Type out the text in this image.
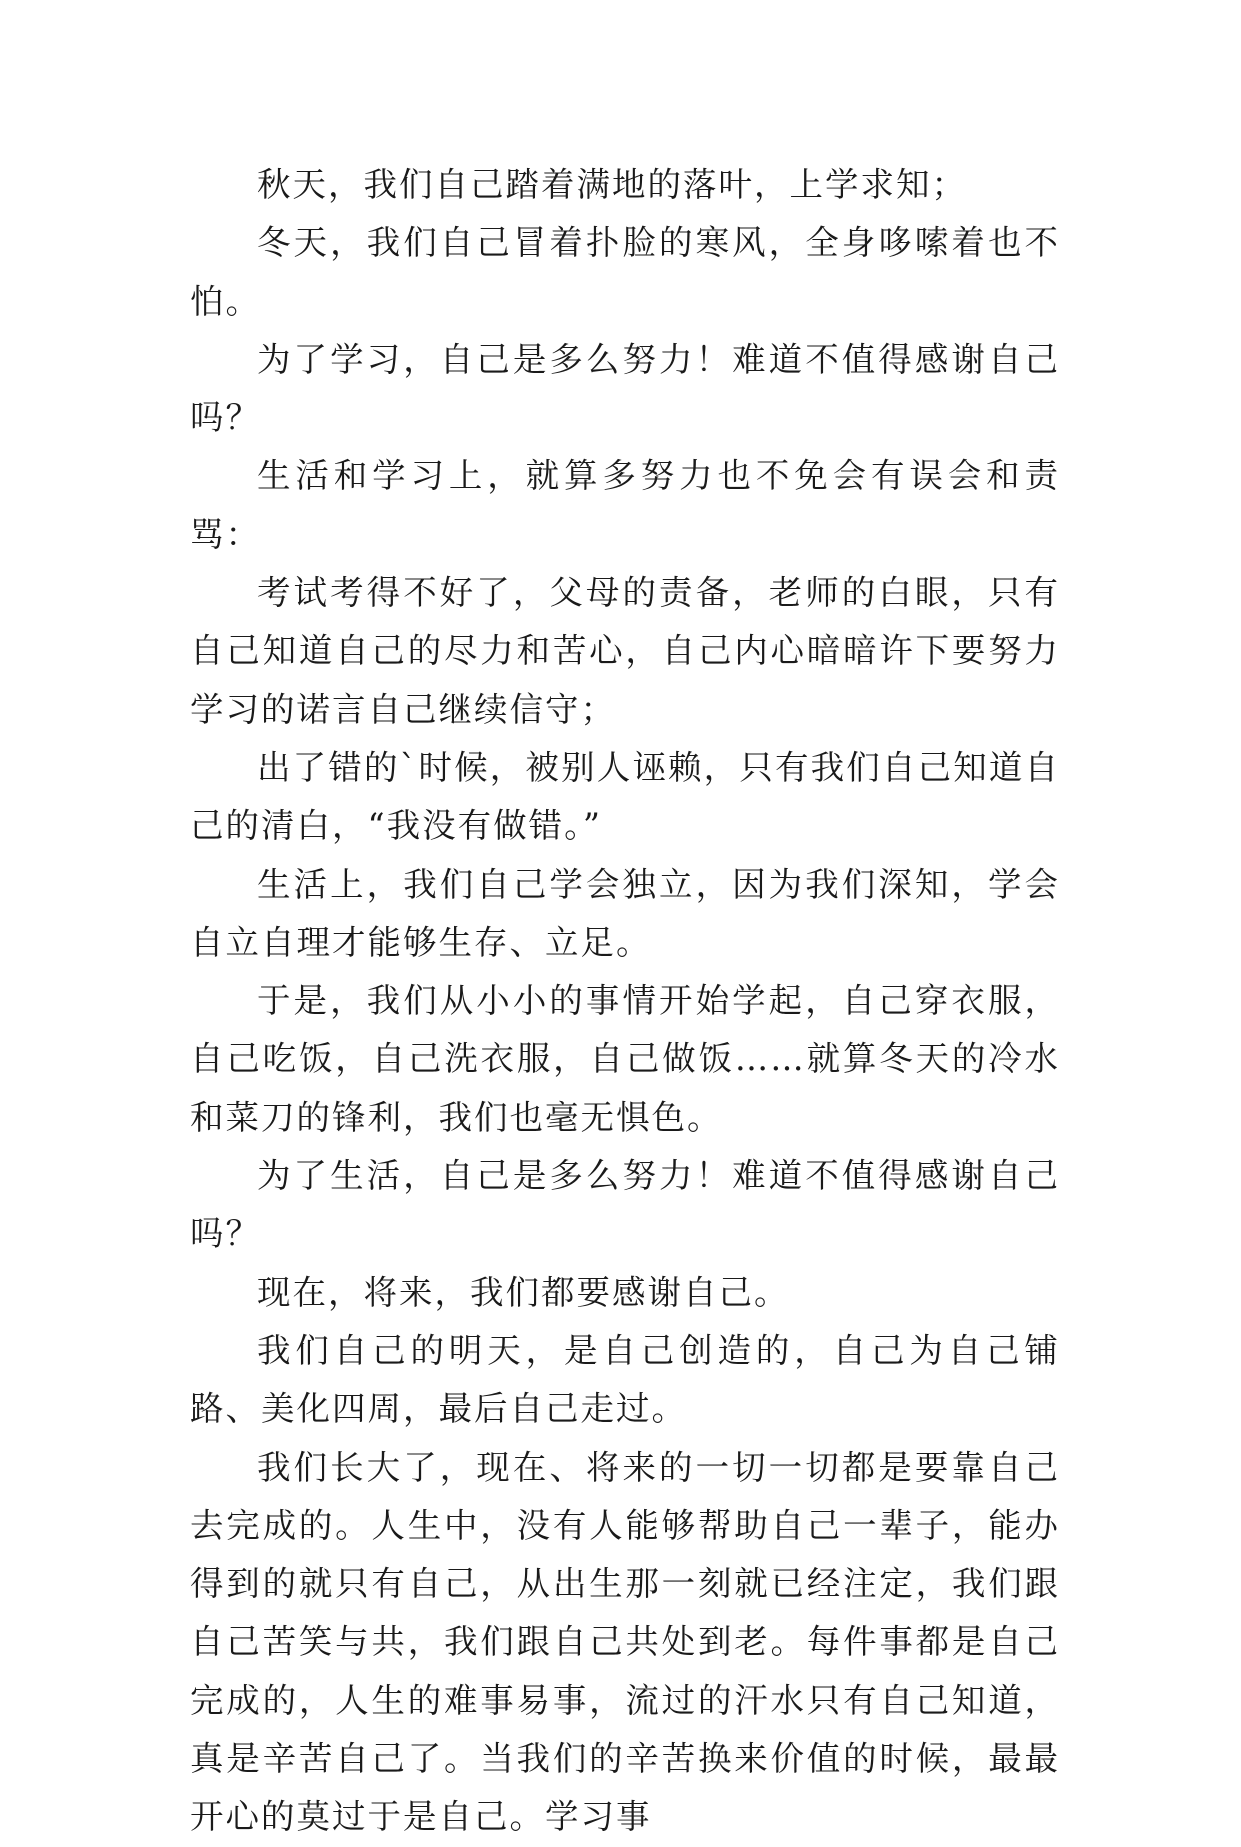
秋天，我们自己踏着满地的落叶，上学求知；

冬天，我们自己冒着扑脸的寒风，全身哆嗦着也不怕。

为了学习，自己是多么努力！难道不值得感谢自己吗？

生活和学习上，就算多努力也不免会有误会和责骂：

考试考得不好了，父母的责备，老师的白眼，只有自己知道自己的尽力和苦心，自己内心暗暗许下要努力学习的诺言自己继续信守；

出了错的`时候，被别人诬赖，只有我们自己知道自己的清白，“我没有做错。”

生活上，我们自己学会独立，因为我们深知，学会自立自理才能够生存、立足。

于是，我们从小小的事情开始学起，自己穿衣服，自己吃饭，自己洗衣服，自己做饭……就算冬天的冷水和菜刀的锋利，我们也毫无惧色。

为了生活，自己是多么努力！难道不值得感谢自己吗？

现在，将来，我们都要感谢自己。

我们自己的明天，是自己创造的，自己为自己铺路、美化四周，最后自己走过。

我们长大了，现在、将来的一切一切都是要靠自己去完成的。人生中，没有人能够帮助自己一辈子，能办得到的就只有自己，从出生那一刻就已经注定，我们跟自己苦笑与共，我们跟自己共处到老。每件事都是自己完成的，人生的难事易事，流过的汗水只有自己知道，真是辛苦自己了。当我们的辛苦换来价值的时候，最最开心的莫过于是自己。学习事
